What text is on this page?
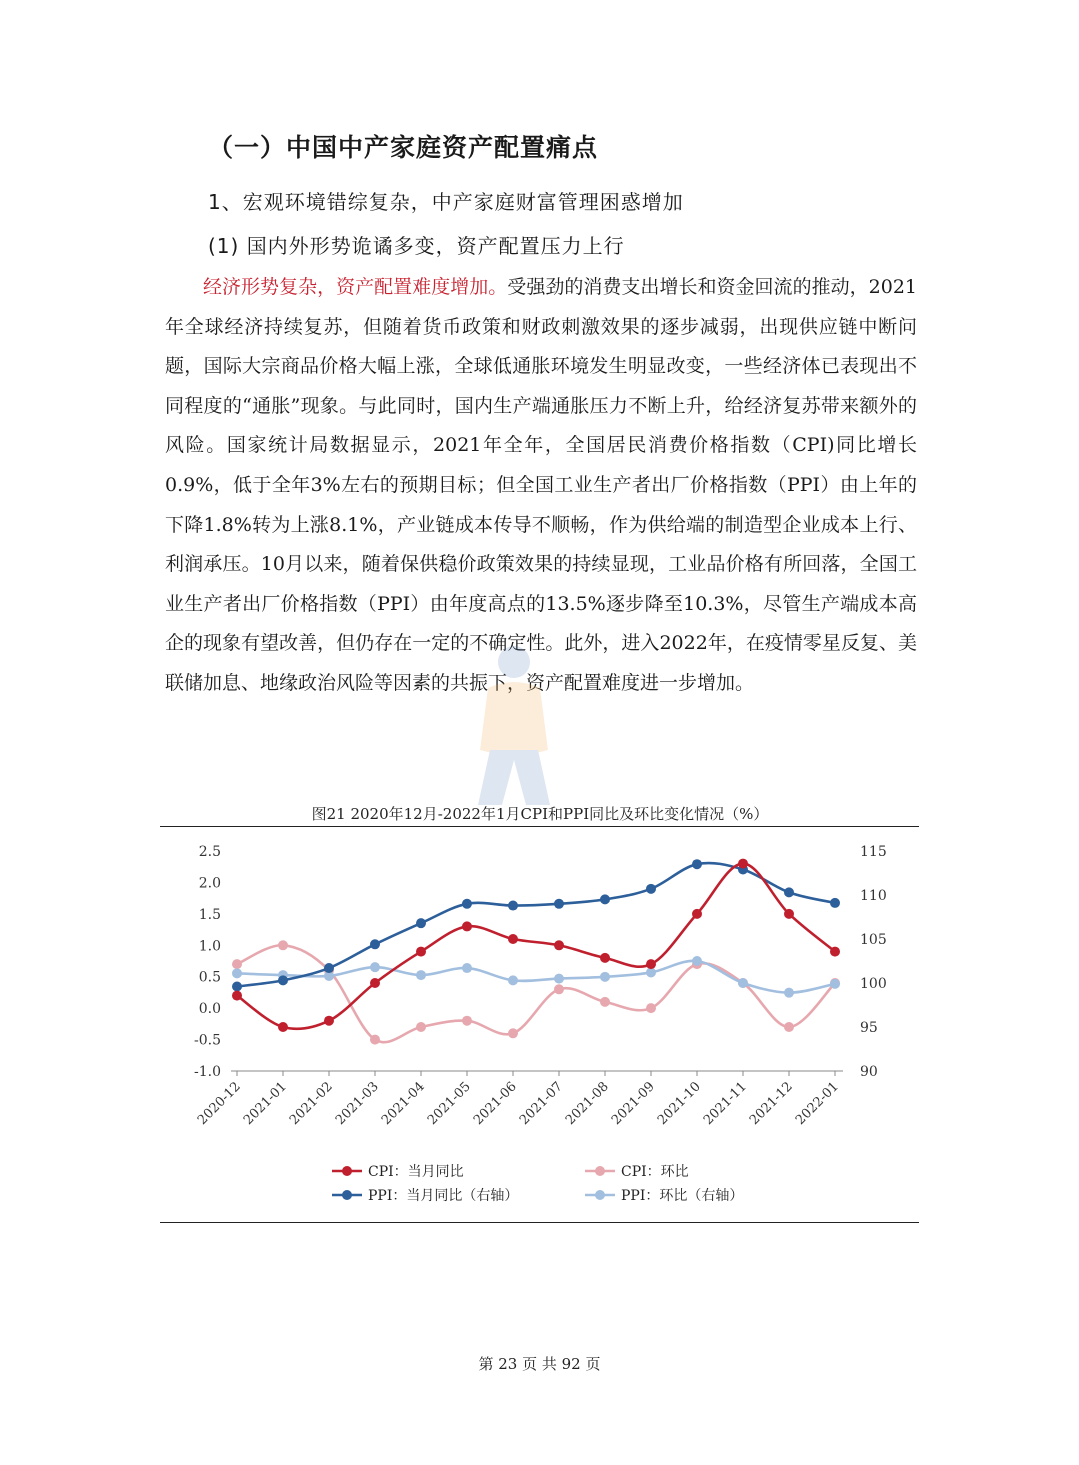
（一）中国中产家庭资产配置痛点
1、宏观环境错综复杂，中产家庭财富管理困惑增加
(1) 国内外形势诡谲多变，资产配置压力上行

经济形势复杂，资产配置难度增加。受强劲的消费支出增长和资金回流的推动，2021年全球经济持续复苏，但随着货币政策和财政刺激效果的逐步减弱，出现供应链中断问题，国际大宗商品价格大幅上涨，全球低通胀环境发生明显改变，一些经济体已表现出不同程度的“通胀”现象。与此同时，国内生产端通胀压力不断上升，给经济复苏带来额外的风险。国家统计局数据显示，2021年全年，全国居民消费价格指数（CPI)同比增长0.9%，低于全年3%左右的预期目标；但全国工业生产者出厂价格指数（PPI）由上年的下降1.8%转为上涨8.1%，产业链成本传导不顺畅，作为供给端的制造型企业成本上行、利润承压。10月以来，随着保供稳价政策效果的持续显现，工业品价格有所回落，全国工业生产者出厂价格指数（PPI）由年度高点的13.5%逐步降至10.3%，尽管生产端成本高企的现象有望改善，但仍存在一定的不确定性。此外，进入2022年，在疫情零星反复、美联储加息、地缘政治风险等因素的共振下，资产配置难度进一步增加。

图21 2020年12月-2022年1月CPI和PPI同比及环比变化情况（%）
2.5
2.0
1.5
1.0
0.5
0.0
-0.5
-1.0
115
110
105
100
95
90
2020-12
2021-01
2021-02
2021-03
2021-04
2021-05
2021-06
2021-07
2021-08
2021-09
2021-10
2021-11
2021-12
2022-01
CPI：当月同比	CPI：环比
PPI：当月同比（右轴）	PPI：环比（右轴）
第 23 页 共 92 页
